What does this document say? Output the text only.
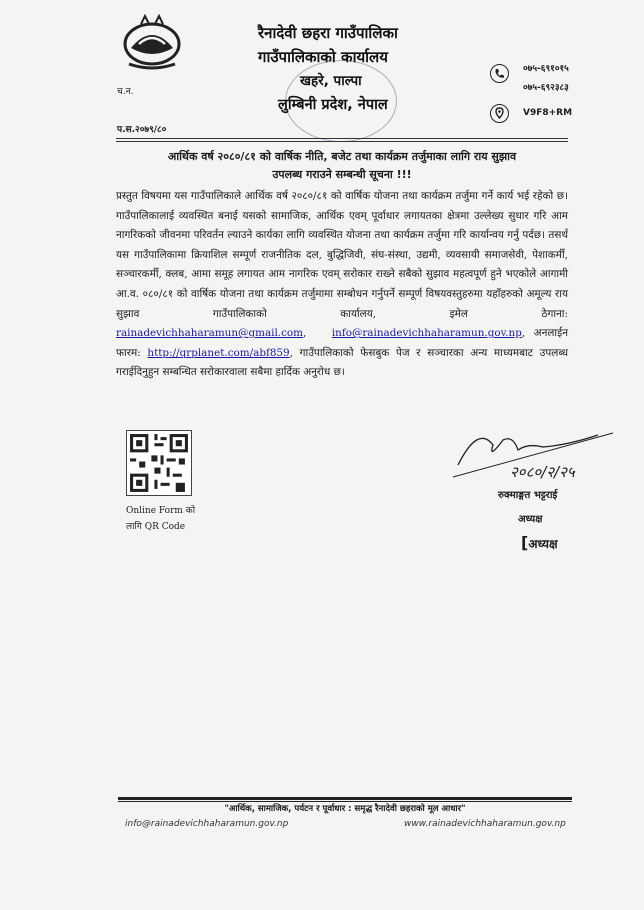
च.न.
प.स.२०७९/८०
रैनादेवी छहरा गाउँपालिका
गाउँपालिकाको कार्यालय
खहरे, पाल्पा
लुम्बिनी प्रदेश, नेपाल
०७५-६९१०१५
०७५-६९२३८३
V9F8+RM
आर्थिक वर्ष २०८०/८१ को वार्षिक नीति, बजेट तथा कार्यक्रम तर्जुमाका लागि राय सुझाव
उपलब्ध गराउने सम्बन्धी सूचना !!!
प्रस्तुत विषयमा यस गाउँपालिकाले आर्थिक वर्ष २०८०/८१ को वार्षिक योजना तथा कार्यक्रम तर्जुमा गर्ने कार्य भई रहेको छ। गाउँपालिकालाई व्यवस्थित बनाई यसको सामाजिक, आर्थिक एवम् पूर्वाधार लगायतका क्षेत्रमा उल्लेख्य सुधार गरि आम नागरिकको जीवनमा परिवर्तन ल्याउने कार्यका लागि व्यवस्थित योजना तथा कार्यक्रम तर्जुमा गरि कार्यान्वय गर्नु पर्दछ। तसर्थ यस गाउँपालिकामा क्रियाशिल सम्पूर्ण राजनीतिक दल, बुद्धिजिवी, संघ-संस्था, उद्यमी, व्यवसायी समाजसेवी, पेशाकर्मी, सञ्चारकर्मी, क्लब, आमा समूह लगायत आम नागरिक एवम् सरोकार राख्ने सबैको सुझाव महत्वपूर्ण हुने भएकोले आगामी आ.व. ०८०/८१ को वार्षिक योजना तथा कार्यक्रम तर्जुमामा सम्बोधन गर्नुपर्ने सम्पूर्ण विषयवस्तुहरुमा यहाँहरुको अमूल्य राय सुझाव गाउँपालिकाको कार्यालय, इमेल ठेगाना: rainadevichhaharamun@gmail.com, info@rainadevichhaharamun.gov.np, अनलाईन फारम: http://qrplanet.com/abf859, गाउँपालिकाको फेसबुक पेज र सञ्चारका अन्य माध्यमबाट उपलब्ध गराईदिनुहुन सम्बन्धित सरोकारवाला सबैमा हार्दिक अनुरोध छ।
Online Form को
लागि QR Code
२०८०/२/२५
रुक्माङ्गत भट्टराई
अध्यक्ष
[अध्यक्ष
"आर्थिक, सामाजिक, पर्यटन र पूर्वाधार : समृद्ध रैनादेवी छहराको मूल आधार"
info@rainadevichhaharamun.gov.np	www.rainadevichhaharamun.gov.np
